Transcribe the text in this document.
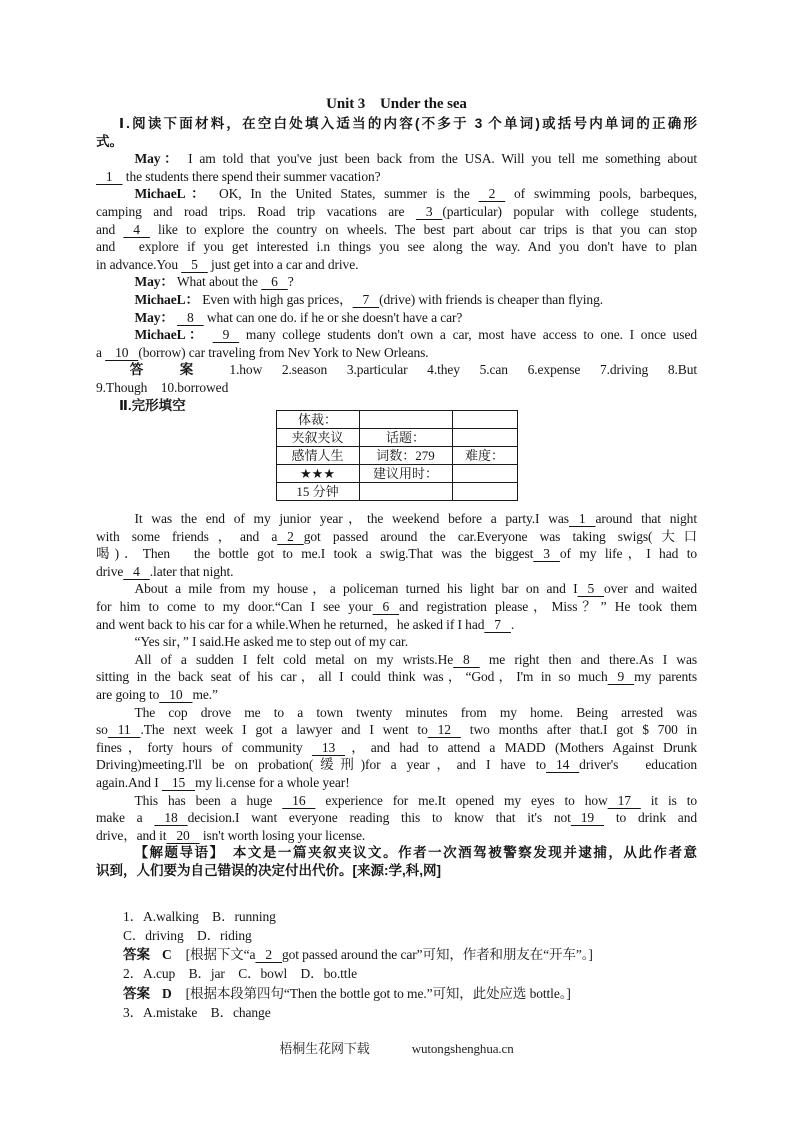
Unit 3　Under the sea
Ⅰ.阅读下面材料，在空白处填入适当的内容(不多于 3 个单词)或括号内单词的正确形
式。
May： I am told that you've just been back from the USA. Will you tell me something about
  1   the students there spend their summer vacation?
MichaeL： OK, In the United States, summer is the   2   of swimming pools, barbeques,
camping and road trips. Road trip vacations are   3  (particular) popular with college students,
and   4   like to explore the country on wheels. The best part about car trips is that you can stop
and　explore if you get interested i.n things you see along the way. And you don't have to plan
in advance.You   5   just get into a car and drive.
May： What about the   6  ?
MichaeL： Even with high gas prices，  7  (drive) with friends is cheaper than flying.
May：   8   what can one do. if he or she doesn't have a car?
MichaeL：   9   many college students don't own a car, most have access to one. I once used
a   10  (borrow) car traveling from Nev York to New Orleans.
答 案 1.how 2.season 3.particular 4.they 5.can 6.expense 7.driving 8.But
9.Though　10.borrowed
Ⅱ.完形填空
体裁：		
夹叙夹议	话题：	
感情人生	词数：279	难度：
★★★	建议用时：	
15 分钟		
It was the end of my junior year，the weekend before a party.I was  1  around that night
with some friends，and a  2  got passed around the car.Everyone was taking swigs(大口
喝)．Then　the bottle got to me.I took a swig.That was the biggest  3  of my life，I had to
drive  4  .later that night.
About a mile from my house，a policeman turned his light bar on and I  5  over and waited
for him to come to my door.“Can I see your  6  and registration please，Miss？” He took them
and went back to his car for a while.When he returned，he asked if I had  7  .
“Yes sir，” I said.He asked me to step out of my car.
All of a sudden I felt cold metal on my wrists.He  8   me right then and there.As I was
sitting in the back seat of his car，all I could think was，“God，I'm in so much  9  my parents
are going to  10  me.”
The cop drove me to a town twenty minutes from my home. Being arrested was
so  11  .The next week I got a lawyer and I went to  12   two months after that.I got $ 700 in
fines，forty hours of community   13  ，and had to attend a MADD (Mothers Against Drunk
Driving)meeting.I'll be on probation(缓刑)for a year，and I have to  14  driver's　education
again.And I   15  my li.cense for a whole year!
This has been a huge   16   experience for me.It opened my eyes to how  17   it is to
make a   18  decision.I want everyone reading this to know that it's not  19   to drink and
drive，and it  20   isn't worth losing your license.
【解题导语】　本文是一篇夹叙夹议文。作者一次酒驾被警察发现并逮捕，从此作者意
识到，人们要为自己错误的决定付出代价。[来源:学,科,网]
1．A.walking　B．running
C．driving　D．riding
答案 C [根据下文“a  2  got passed around the car”可知，作者和朋友在“开车”。]
2．A.cup　B．jar　C．bowl　D．bo.ttle
答案 D [根据本段第四句“Then the bottle got to me.”可知，此处应选 bottle。]
3．A.mistake　B．change
梧桐生花网下载	wutongshenghua.cn
